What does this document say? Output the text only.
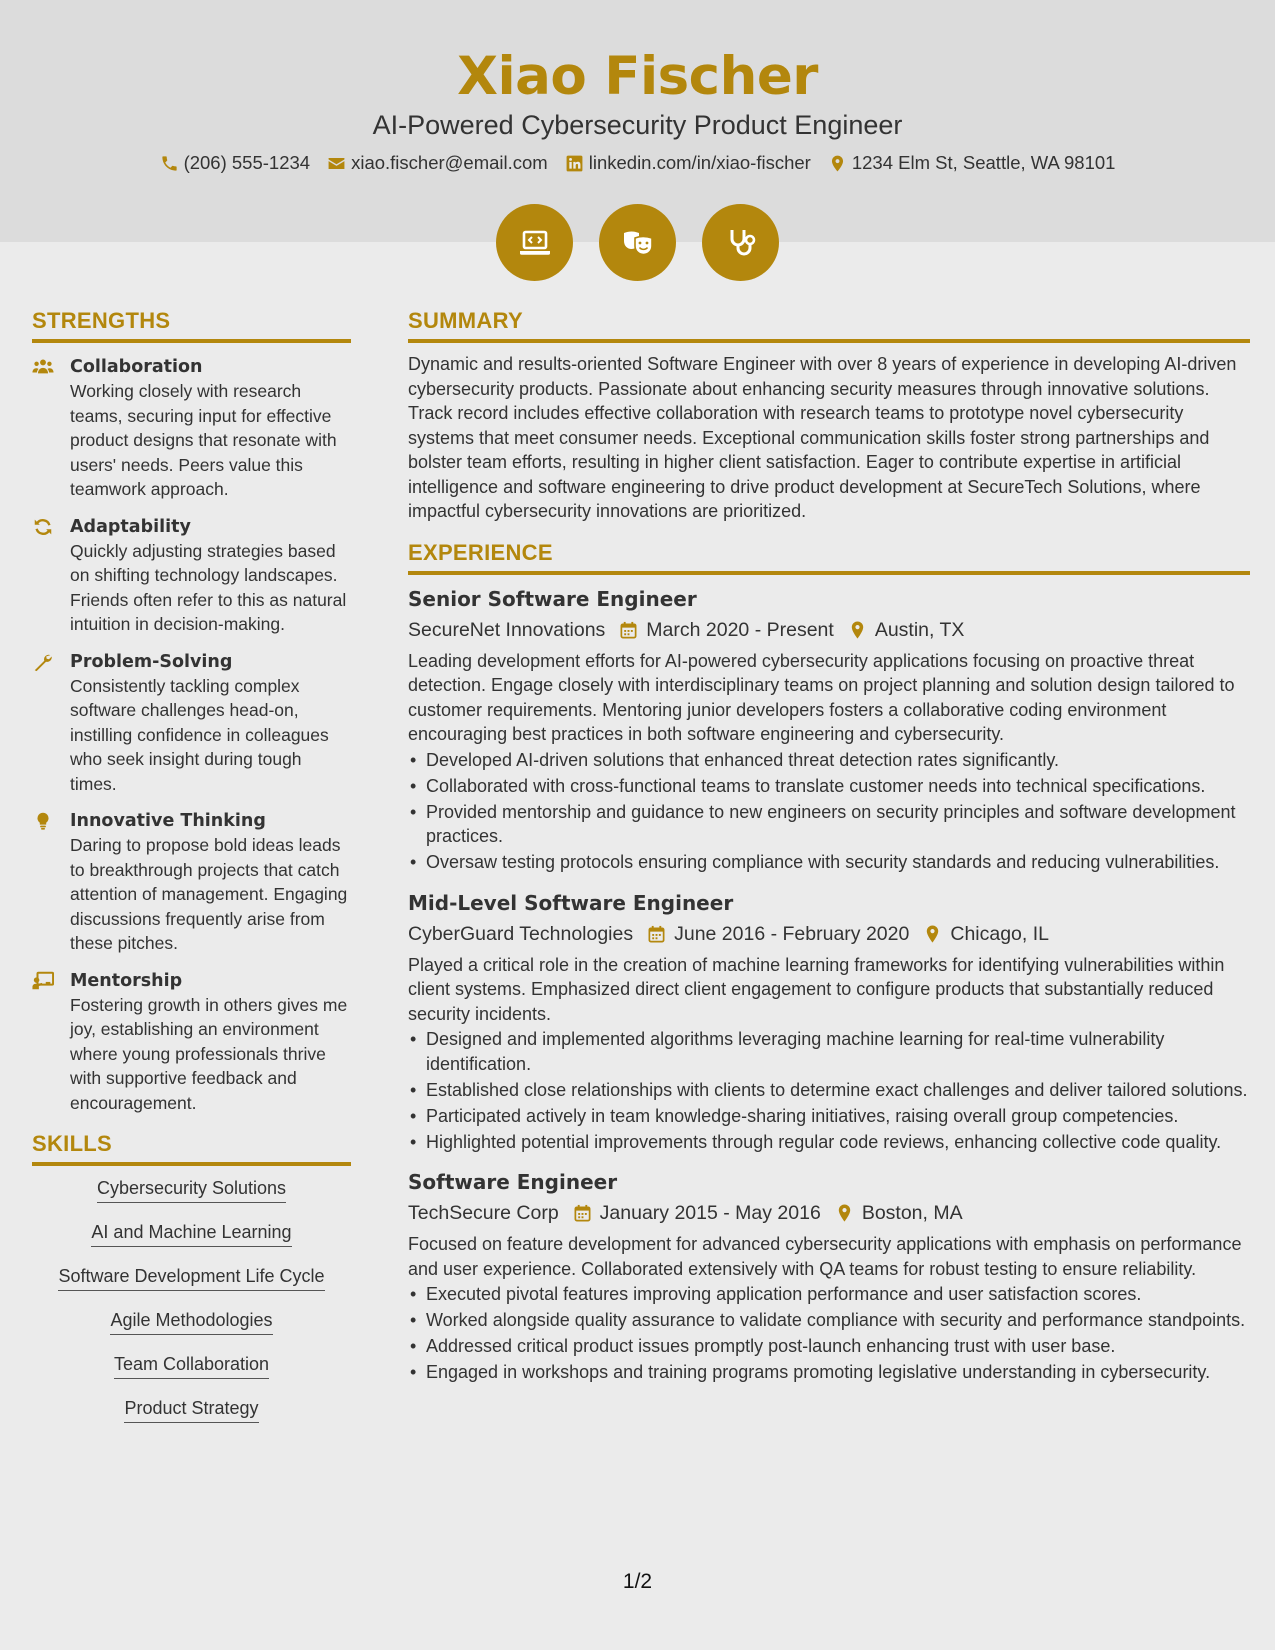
Xiao Fischer
AI-Powered Cybersecurity Product Engineer
(206) 555-1234 xiao.fischer@email.com linkedin.com/in/xiao-fischer 1234 Elm St, Seattle, WA 98101
STRENGTHS
Collaboration
Working closely with research teams, securing input for effective product designs that resonate with users' needs. Peers value this teamwork approach.
Adaptability
Quickly adjusting strategies based on shifting technology landscapes. Friends often refer to this as natural intuition in decision-making.
Problem-Solving
Consistently tackling complex software challenges head-on, instilling confidence in colleagues who seek insight during tough times.
Innovative Thinking
Daring to propose bold ideas leads to breakthrough projects that catch attention of management. Engaging discussions frequently arise from these pitches.
Mentorship
Fostering growth in others gives me joy, establishing an environment where young professionals thrive with supportive feedback and encouragement.
SKILLS
Cybersecurity Solutions
AI and Machine Learning
Software Development Life Cycle
Agile Methodologies
Team Collaboration
Product Strategy
SUMMARY
Dynamic and results-oriented Software Engineer with over 8 years of experience in developing AI-driven cybersecurity products. Passionate about enhancing security measures through innovative solutions. Track record includes effective collaboration with research teams to prototype novel cybersecurity systems that meet consumer needs. Exceptional communication skills foster strong partnerships and bolster team efforts, resulting in higher client satisfaction. Eager to contribute expertise in artificial intelligence and software engineering to drive product development at SecureTech Solutions, where impactful cybersecurity innovations are prioritized.
EXPERIENCE
Senior Software Engineer
SecureNet Innovations March 2020 - Present Austin, TX
Leading development efforts for AI-powered cybersecurity applications focusing on proactive threat detection. Engage closely with interdisciplinary teams on project planning and solution design tailored to customer requirements. Mentoring junior developers fosters a collaborative coding environment encouraging best practices in both software engineering and cybersecurity.
• Developed AI-driven solutions that enhanced threat detection rates significantly.
• Collaborated with cross-functional teams to translate customer needs into technical specifications.
• Provided mentorship and guidance to new engineers on security principles and software development practices.
• Oversaw testing protocols ensuring compliance with security standards and reducing vulnerabilities.
Mid-Level Software Engineer
CyberGuard Technologies June 2016 - February 2020 Chicago, IL
Played a critical role in the creation of machine learning frameworks for identifying vulnerabilities within client systems. Emphasized direct client engagement to configure products that substantially reduced security incidents.
• Designed and implemented algorithms leveraging machine learning for real-time vulnerability identification.
• Established close relationships with clients to determine exact challenges and deliver tailored solutions.
• Participated actively in team knowledge-sharing initiatives, raising overall group competencies.
• Highlighted potential improvements through regular code reviews, enhancing collective code quality.
Software Engineer
TechSecure Corp January 2015 - May 2016 Boston, MA
Focused on feature development for advanced cybersecurity applications with emphasis on performance and user experience. Collaborated extensively with QA teams for robust testing to ensure reliability.
• Executed pivotal features improving application performance and user satisfaction scores.
• Worked alongside quality assurance to validate compliance with security and performance standpoints.
• Addressed critical product issues promptly post-launch enhancing trust with user base.
• Engaged in workshops and training programs promoting legislative understanding in cybersecurity.
1/2
